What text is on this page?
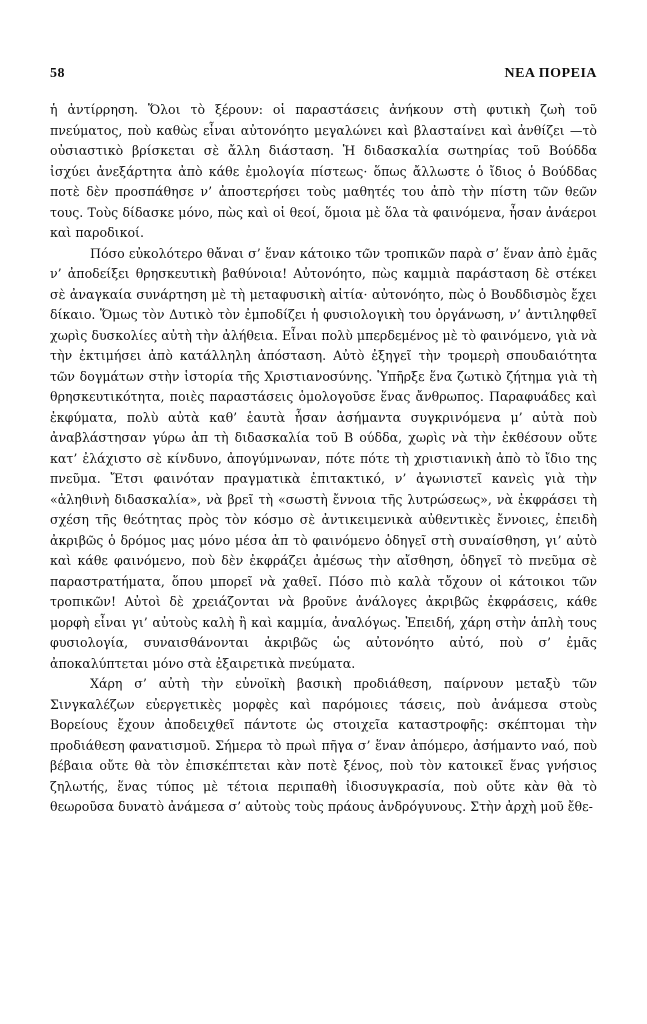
58	ΝΕΑ ΠΟΡΕΙΑ

ἡ ἀντίρρηση. Ὅλοι τὸ ξέρουν: οἱ παραστάσεις ἀνήκουν στὴ φυτικὴ ζωὴ τοῦ πνεύματος, ποὺ καθὼς εἶναι αὐτονόητο μεγαλώνει καὶ βλασταίνει καὶ ἀνθίζει —τὸ οὐσιαστικὸ βρίσκεται σὲ ἄλλη διάσταση. Ἡ διδασκαλία σωτηρίας τοῦ Βούδδα ἰσχύει ἀνεξάρτητα ἀπὸ κάθε ἐμολογία πίστεως· ὅπως ἄλλωστε ὁ ἴδιος ὁ Βούδδας ποτὲ δὲν προσπάθησε ν’ ἀποστερήσει τοὺς μαθητές του ἀπὸ τὴν πίστη τῶν θεῶν τους. Τοὺς δίδασκε μόνο, πὼς καὶ οἱ θεοί, ὅμοια μὲ ὅλα τὰ φαινόμενα, ἦσαν ἀνάεροι καὶ παροδικοί.

Πόσο εὐκολότερο θἄναι σ’ ἕναν κάτοικο τῶν τροπικῶν παρὰ σ’ ἕναν ἀπὸ ἐμᾶς ν’ ἀποδείξει θρησκευτικὴ βαθύνοια! Αὐτονόητο, πὼς καμμιὰ παράσταση δὲ στέκει σὲ ἀναγκαία συνάρτηση μὲ τὴ μεταφυσικὴ αἰτία· αὐτονόητο, πὼς ὁ Βουδδισμὸς ἔχει δίκαιο. Ὅμως τὸν Δυτικὸ τὸν ἐμποδίζει ἡ φυσιολογικὴ του ὀργάνωση, ν’ ἀντιληφθεῖ χωρὶς δυσκολίες αὐτὴ τὴν ἀλήθεια. Εἶναι πολὺ μπερδεμένος μὲ τὸ φαινόμενο, γιὰ νὰ τὴν ἐκτιμήσει ἀπὸ κατάλληλη ἀπόσταση. Αὐτὸ ἐξηγεῖ τὴν τρομερὴ σπουδαιότητα τῶν δογμάτων στὴν ἱστορία τῆς Χριστιανοσύνης. Ὑπῆρξε ἕνα ζωτικὸ ζήτημα γιὰ τὴ θρησκευτικότητα, ποιὲς παραστάσεις ὁμολογοῦσε ἕνας ἄνθρωπος. Παραφυάδες καὶ ἐκφύματα, πολὺ αὐτὰ καθ’ ἑαυτὰ ἦσαν ἀσήμαντα συγκρινόμενα μ’ αὐτὰ ποὺ ἀναβλάστησαν γύρω ἀπ τὴ διδασκαλία τοῦ Β ούδδα, χωρὶς νὰ τὴν ἐκθέσουν οὔτε κατ’ ἐλάχιστο σὲ κίνδυνο, ἀπογύμνωναν, πότε πότε τὴ χριστιανικὴ ἀπὸ τὸ ἴδιο της πνεῦμα. Ἔτσι φαινόταν πραγματικὰ ἐπιτακτικό, ν’ ἀγωνιστεῖ κανεὶς γιὰ τὴν «ἀληθινὴ διδασκαλία», νὰ βρεῖ τὴ «σωστὴ ἔννοια τῆς λυτρώσεως», νὰ ἐκφράσει τὴ σχέση τῆς θεότητας πρὸς τὸν κόσμο σὲ ἀντικειμενικὰ αὐθεντικὲς ἔννοιες, ἐπειδὴ ἀκριβῶς ὁ δρόμος μας μόνο μέσα ἀπ τὸ φαινόμενο ὁδηγεῖ στὴ συναίσθηση, γι’ αὐτὸ καὶ κάθε φαινόμενο, ποὺ δὲν ἐκφράζει ἀμέσως τὴν αἴσθηση, ὁδηγεῖ τὸ πνεῦμα σὲ παραστρατήματα, ὅπου μπορεῖ νὰ χαθεῖ. Πόσο πιὸ καλὰ τὄχουν οἱ κάτοικοι τῶν τροπικῶν! Αὐτοὶ δὲ χρειάζονται νὰ βροῦνε ἀνάλογες ἀκριβῶς ἐκφράσεις, κάθε μορφὴ εἶναι γι’ αὐτοὺς καλὴ ἢ καὶ καμμία, ἀναλόγως. Ἐπειδή, χάρη στὴν ἁπλὴ τους φυσιολογία, συναισθάνονται ἀκριβῶς ὡς αὐτονόητο αὐτό, ποὺ σ’ ἐμᾶς ἀποκαλύπτεται μόνο στὰ ἐξαιρετικὰ πνεύματα.

Χάρη σ’ αὐτὴ τὴν εὐνοϊκὴ βασικὴ προδιάθεση, παίρνουν μεταξὺ τῶν Σινγκαλέζων εὐεργετικὲς μορφὲς καὶ παρόμοιες τάσεις, ποὺ ἀνάμεσα στοὺς Βορείους ἔχουν ἀποδειχθεῖ πάντοτε ὡς στοιχεῖα καταστροφῆς: σκέπτομαι τὴν προδιάθεση φανατισμοῦ. Σήμερα τὸ πρωὶ πῆγα σ’ ἕναν ἀπόμερο, ἀσήμαντο ναό, ποὺ βέβαια οὔτε θὰ τὸν ἐπισκέπτεται κὰν ποτὲ ξένος, ποὺ τὸν κατοικεῖ ἕνας γνήσιος ζηλωτής, ἕνας τύπος μὲ τέτοια περιπαθὴ ἰδιοσυγκρασία, ποὺ οὔτε κὰν θὰ τὸ θεωροῦσα δυνατὸ ἀνάμεσα σ’ αὐτοὺς τοὺς πράους ἀνδρόγυνους. Στὴν ἀρχὴ μοῦ ἔθε-
